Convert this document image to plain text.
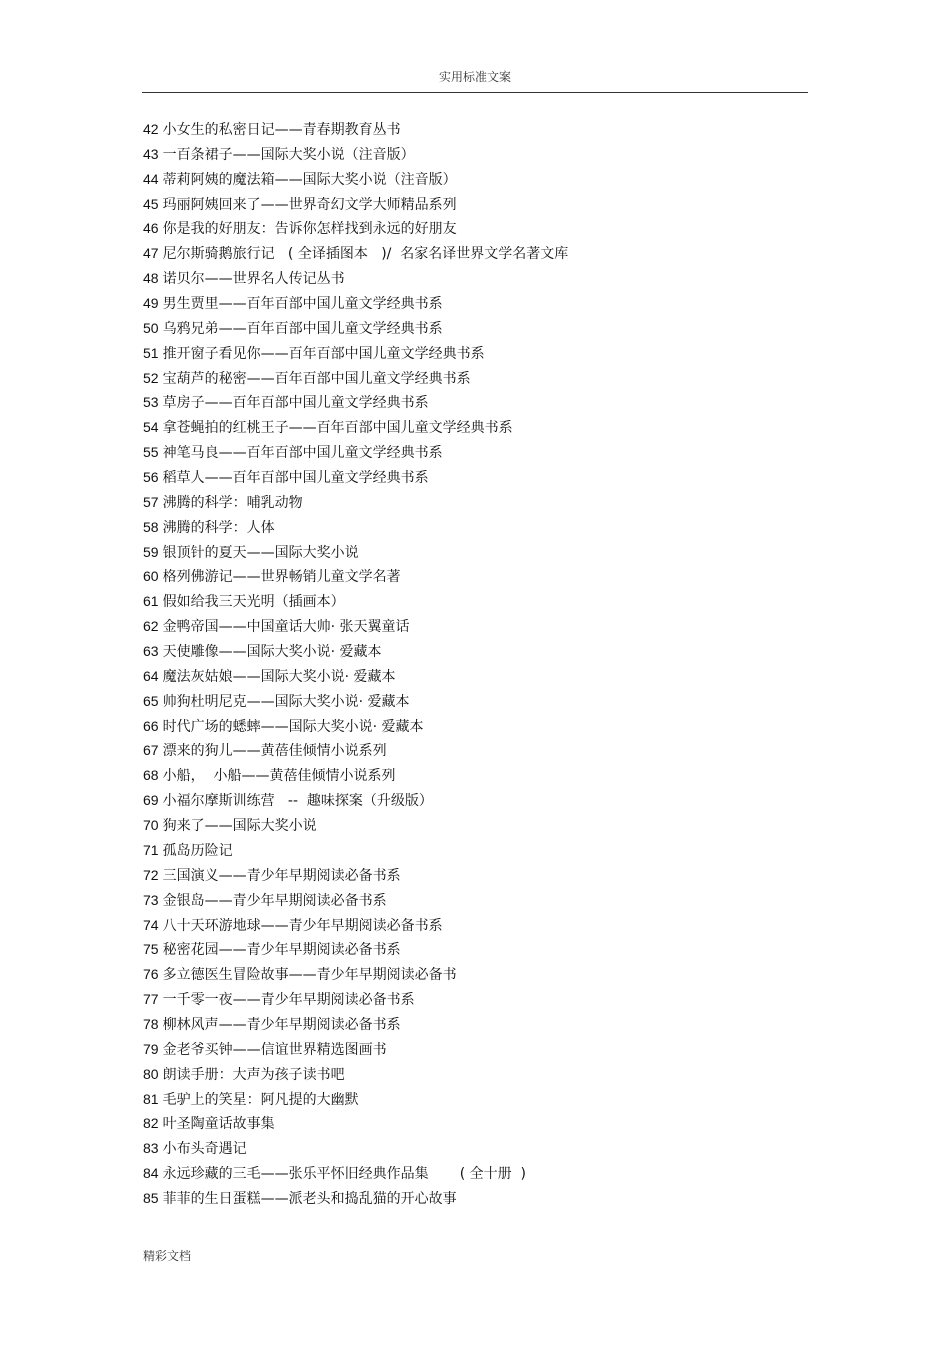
实用标准文案
42 小女生的私密日记——青春期教育丛书
43 一百条裙子——国际大奖小说（注音版）
44 蒂莉阿姨的魔法箱——国际大奖小说（注音版）
45 玛丽阿姨回来了——世界奇幻文学大师精品系列
46 你是我的好朋友：告诉你怎样找到永远的好朋友
47 尼尔斯骑鹅旅行记   ( 全译插图本   )/  名家名译世界文学名著文库
48 诺贝尔——世界名人传记丛书
49 男生贾里——百年百部中国儿童文学经典书系
50 乌鸦兄弟——百年百部中国儿童文学经典书系
51 推开窗子看见你——百年百部中国儿童文学经典书系
52 宝葫芦的秘密——百年百部中国儿童文学经典书系
53 草房子——百年百部中国儿童文学经典书系
54 拿苍蝇拍的红桃王子——百年百部中国儿童文学经典书系
55 神笔马良——百年百部中国儿童文学经典书系
56 稻草人——百年百部中国儿童文学经典书系
57 沸腾的科学：哺乳动物
58 沸腾的科学：人体
59 银顶针的夏天——国际大奖小说
60 格列佛游记——世界畅销儿童文学名著
61 假如给我三天光明（插画本）
62 金鸭帝国——中国童话大帅· 张天翼童话
63 天使雕像——国际大奖小说· 爱藏本
64 魔法灰姑娘——国际大奖小说· 爱藏本
65 帅狗杜明尼克——国际大奖小说· 爱藏本
66 时代广场的蟋蟀——国际大奖小说· 爱藏本
67 漂来的狗儿——黄蓓佳倾情小说系列
68 小船，  小船——黄蓓佳倾情小说系列
69 小福尔摩斯训练营   --  趣味探案（升级版）
70 狗来了——国际大奖小说
71 孤岛历险记
72 三国演义——青少年早期阅读必备书系
73 金银岛——青少年早期阅读必备书系
74 八十天环游地球——青少年早期阅读必备书系
75 秘密花园——青少年早期阅读必备书系
76 多立德医生冒险故事——青少年早期阅读必备书
77 一千零一夜——青少年早期阅读必备书系
78 柳林风声——青少年早期阅读必备书系
79 金老爷买钟——信谊世界精选图画书
80 朗读手册：大声为孩子读书吧
81 毛驴上的笑星：阿凡提的大幽默
82 叶圣陶童话故事集
83 小布头奇遇记
84 永远珍藏的三毛——张乐平怀旧经典作品集       ( 全十册  )
85 菲菲的生日蛋糕——派老头和捣乱猫的开心故事
精彩文档
